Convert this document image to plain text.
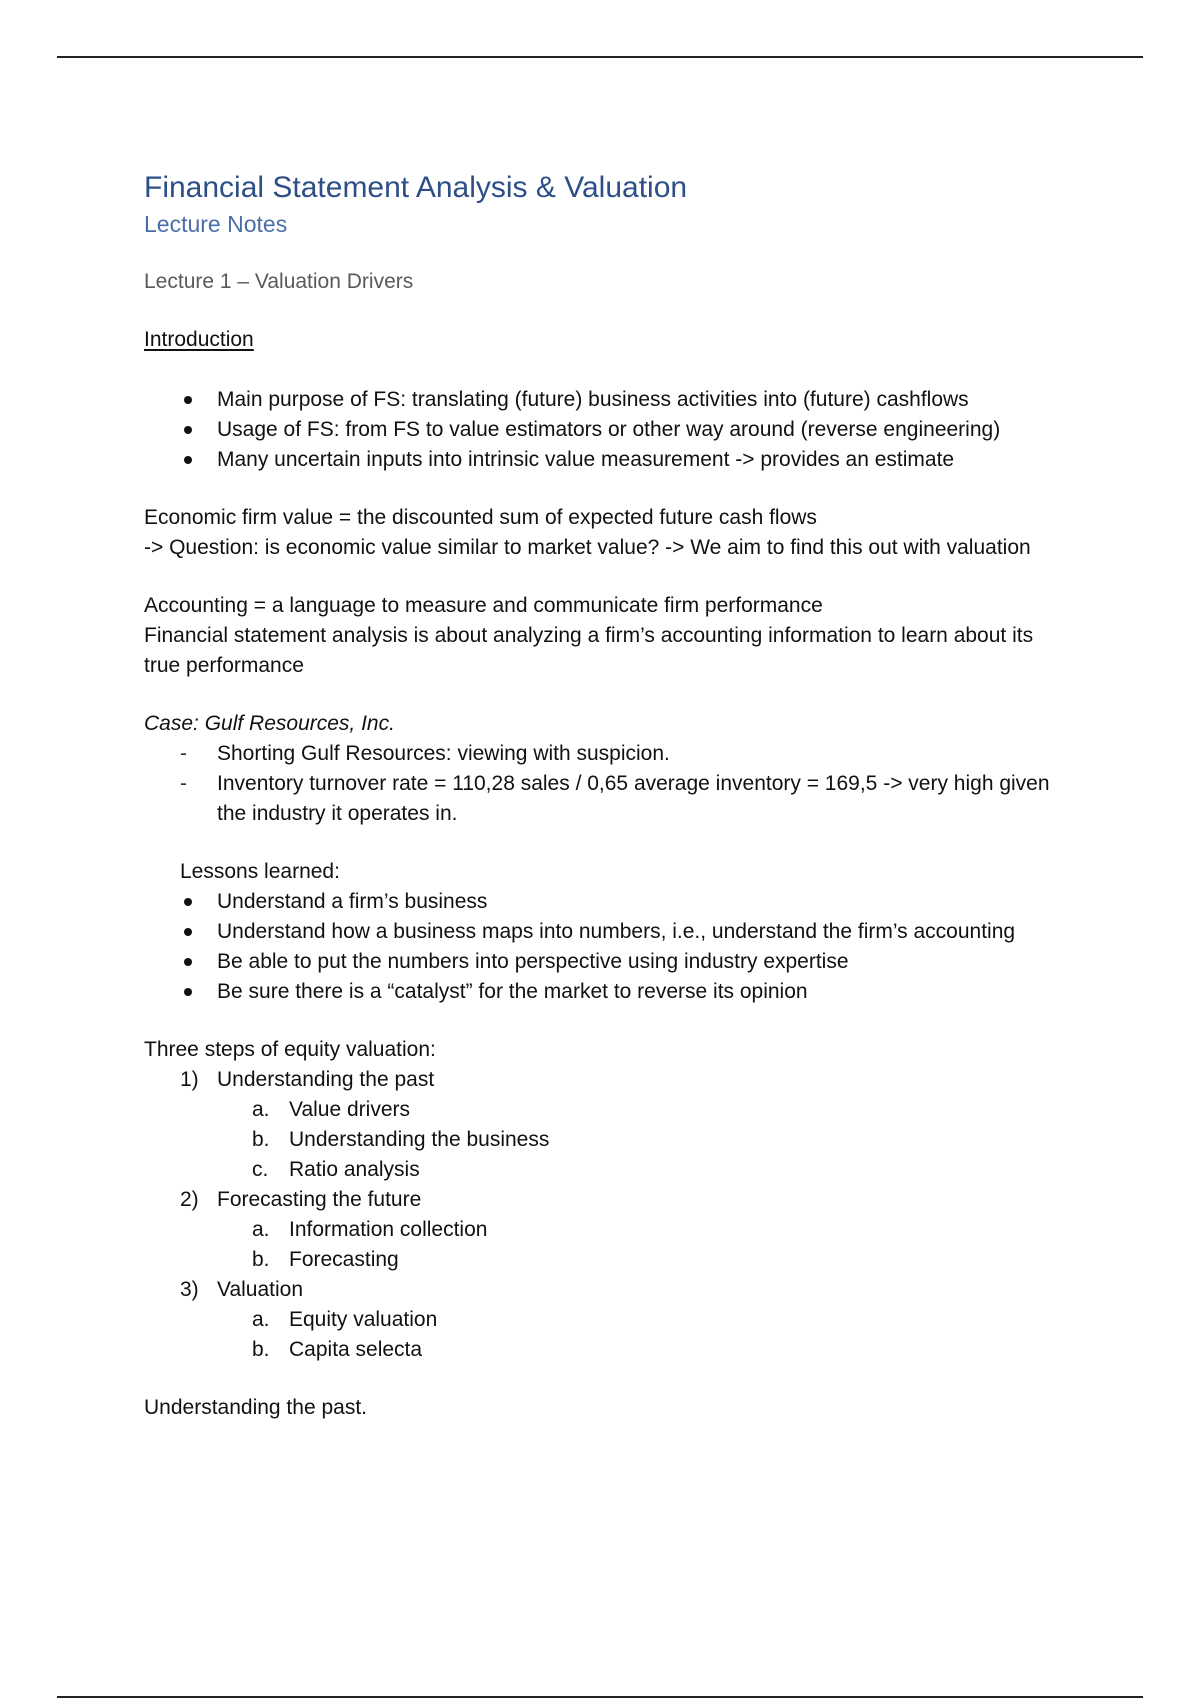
Financial Statement Analysis & Valuation
Lecture Notes
Lecture 1 – Valuation Drivers
Introduction
Main purpose of FS: translating (future) business activities into (future) cashflows
Usage of FS: from FS to value estimators or other way around (reverse engineering)
Many uncertain inputs into intrinsic value measurement -> provides an estimate

Economic firm value = the discounted sum of expected future cash flows

-> Question: is economic value similar to market value? -> We aim to find this out with valuation

Accounting = a language to measure and communicate firm performance

Financial statement analysis is about analyzing a firm’s accounting information to learn about its true performance

Case: Gulf Resources, Inc.

-	Shorting Gulf Resources: viewing with suspicion.
-	Inventory turnover rate = 110,28 sales / 0,65 average inventory = 169,5 -> very high given the industry it operates in.
Lessons learned:
Understand a firm’s business
Understand how a business maps into numbers, i.e., understand the firm’s accounting
Be able to put the numbers into perspective using industry expertise
Be sure there is a “catalyst” for the market to reverse its opinion

Three steps of equity valuation:

1) Understanding the past
a. Value drivers
b. Understanding the business
c. Ratio analysis
2) Forecasting the future
a. Information collection
b. Forecasting
3) Valuation
a. Equity valuation
b. Capita selecta

Understanding the past.
